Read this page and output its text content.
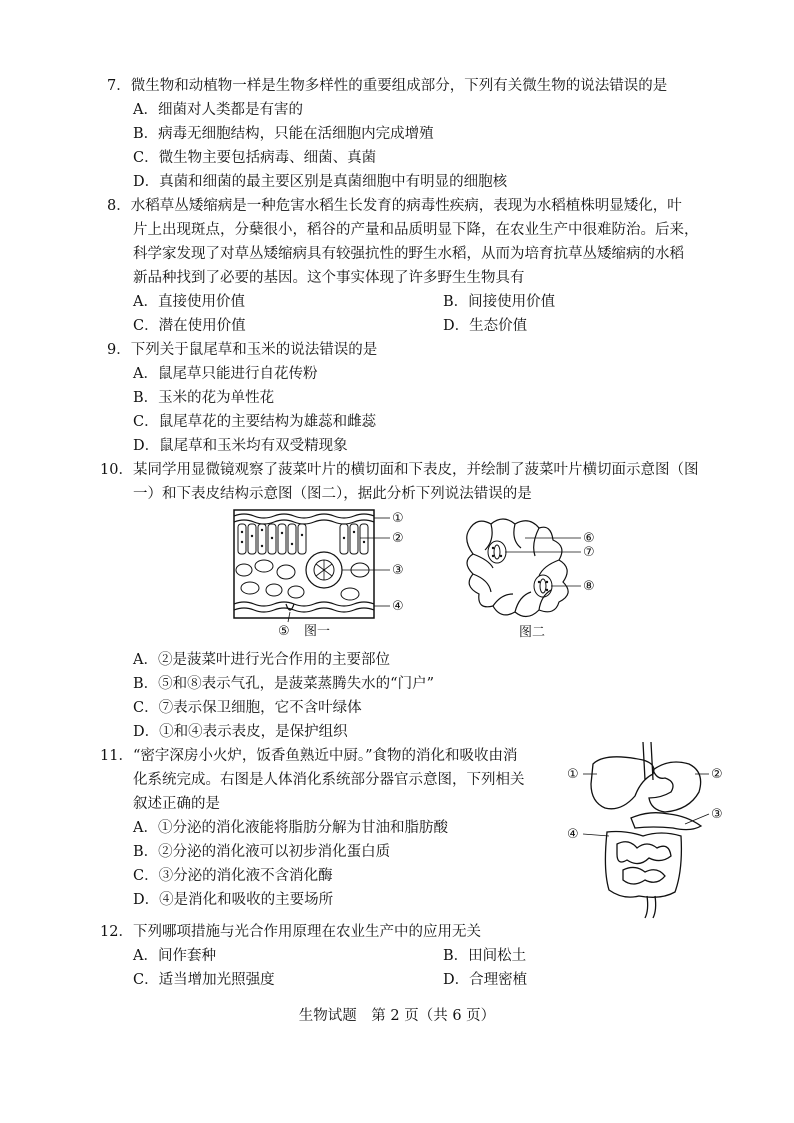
7．微生物和动植物一样是生物多样性的重要组成部分，下列有关微生物的说法错误的是
A．细菌对人类都是有害的
B．病毒无细胞结构，只能在活细胞内完成增殖
C．微生物主要包括病毒、细菌、真菌
D．真菌和细菌的最主要区别是真菌细胞中有明显的细胞核
8．水稻草丛矮缩病是一种危害水稻生长发育的病毒性疾病，表现为水稻植株明显矮化，叶
片上出现斑点，分蘖很小，稻谷的产量和品质明显下降，在农业生产中很难防治。后来，
科学家发现了对草丛矮缩病具有较强抗性的野生水稻，从而为培育抗草丛矮缩病的水稻
新品种找到了必要的基因。这个事实体现了许多野生生物具有
A．直接使用价值	B．间接使用价值
C．潜在使用价值	D．生态价值
9．下列关于鼠尾草和玉米的说法错误的是
A．鼠尾草只能进行自花传粉
B．玉米的花为单性花
C．鼠尾草花的主要结构为雄蕊和雌蕊
D．鼠尾草和玉米均有双受精现象
10．某同学用显微镜观察了菠菜叶片的横切面和下表皮，并绘制了菠菜叶片横切面示意图（图
一）和下表皮结构示意图（图二），据此分析下列说法错误的是
①
②
③
④
⑤ 图一
⑥
⑦
⑧
图二
A．②是菠菜叶进行光合作用的主要部位
B．⑤和⑧表示气孔，是菠菜蒸腾失水的“门户”
C．⑦表示保卫细胞，它不含叶绿体
D．①和④表示表皮，是保护组织
11．“密宇深房小火炉，饭香鱼熟近中厨。”食物的消化和吸收由消
化系统完成。右图是人体消化系统部分器官示意图，下列相关
叙述正确的是
A．①分泌的消化液能将脂肪分解为甘油和脂肪酸
B．②分泌的消化液可以初步消化蛋白质
C．③分泌的消化液不含消化酶
D．④是消化和吸收的主要场所
①	②
③
④
12．下列哪项措施与光合作用原理在农业生产中的应用无关
A．间作套种	B．田间松土
C．适当增加光照强度	D．合理密植
生物试题　第 2 页（共 6 页）
